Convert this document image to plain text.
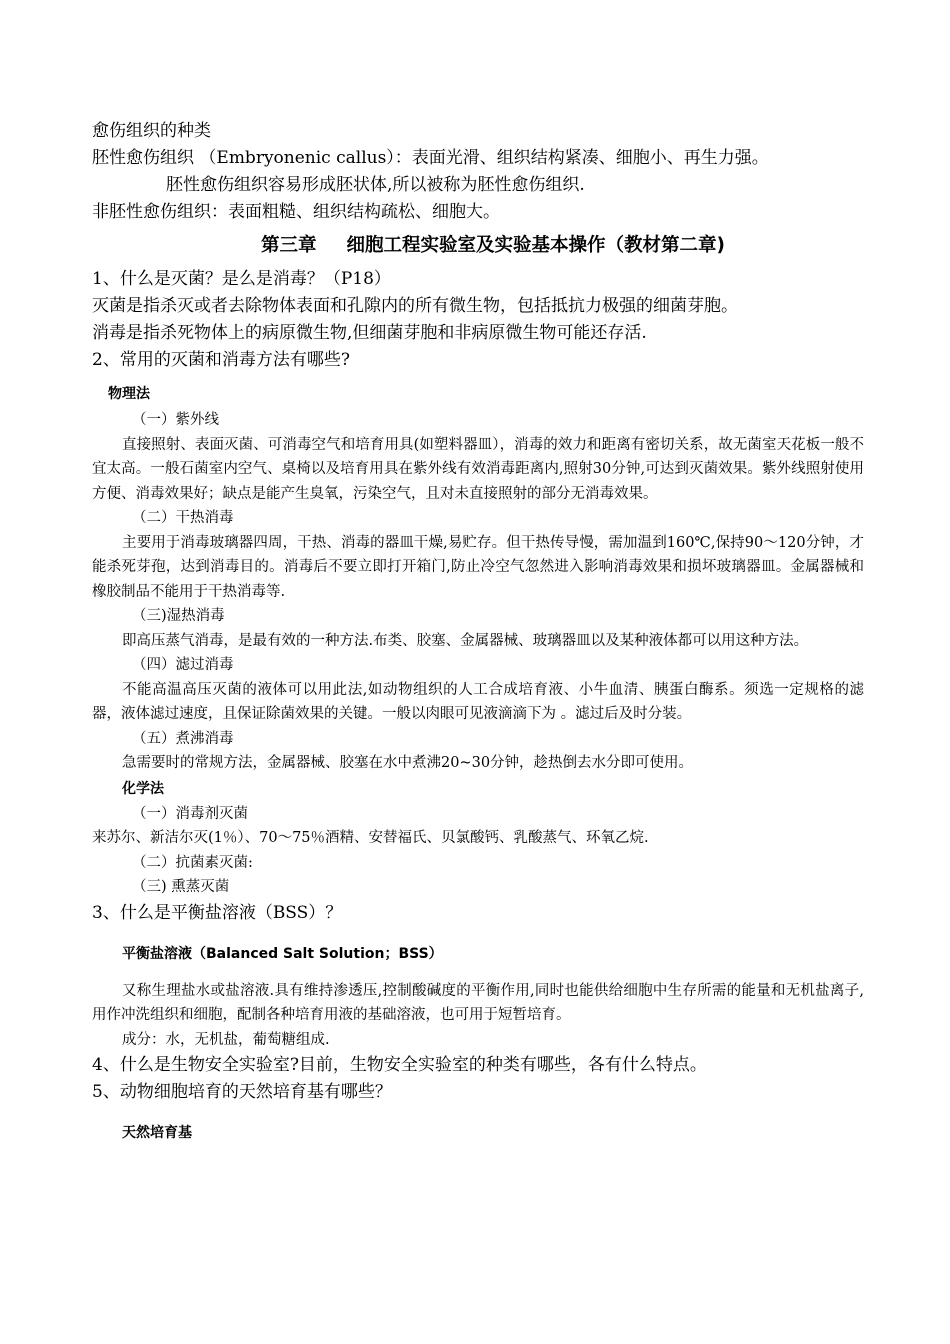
愈伤组织的种类
胚性愈伤组织 （Embryonenic callus）：表面光滑、组织结构紧凑、细胞小、再生力强。
胚性愈伤组织容易形成胚状体,所以被称为胚性愈伤组织.
非胚性愈伤组织：表面粗糙、组织结构疏松、细胞大。
第三章 细胞工程实验室及实验基本操作（教材第二章)
1、什么是灭菌？是么是消毒？（P18）
灭菌是指杀灭或者去除物体表面和孔隙内的所有微生物，包括抵抗力极强的细菌芽胞。
消毒是指杀死物体上的病原微生物,但细菌芽胞和非病原微生物可能还存活.
2、常用的灭菌和消毒方法有哪些?
物理法
（一）紫外线
直接照射、表面灭菌、可消毒空气和培育用具(如塑料器皿），消毒的效力和距离有密切关系，故无菌室天花板一般不宜太高。一般石菌室内空气、桌椅以及培育用具在紫外线有效消毒距离内,照射30分钟,可达到灭菌效果。紫外线照射使用方便、消毒效果好；缺点是能产生臭氧，污染空气，且对未直接照射的部分无消毒效果。
（二）干热消毒
主要用于消毒玻璃器四周，干热、消毒的器皿干燥,易贮存。但干热传导慢，需加温到160℃,保持90～120分钟，才能杀死芽孢，达到消毒目的。消毒后不要立即打开箱门,防止冷空气忽然进入影响消毒效果和损坏玻璃器皿。金属器械和橡胶制品不能用于干热消毒等.
（三)湿热消毒
即高压蒸气消毒，是最有效的一种方法.布类、胶塞、金属器械、玻璃器皿以及某种液体都可以用这种方法。
（四）滤过消毒
不能高温高压灭菌的液体可以用此法,如动物组织的人工合成培育液、小牛血清、胰蛋白酶系。须选一定规格的滤器，液体滤过速度，且保证除菌效果的关键。一般以肉眼可见液滴滴下为 。滤过后及时分装。
（五）煮沸消毒
急需要时的常规方法，金属器械、胶塞在水中煮沸20~30分钟，趁热倒去水分即可使用。
化学法
（一）消毒剂灭菌
来苏尔、新洁尔灭(1％）、70～75％酒精、安替福氏、贝氯酸钙、乳酸蒸气、环氧乙烷.
（二）抗菌素灭菌:
（三) 熏蒸灭菌
3、什么是平衡盐溶液（BSS）？
平衡盐溶液（Balanced Salt Solution；BSS）
又称生理盐水或盐溶液.具有维持渗透压,控制酸碱度的平衡作用,同时也能供给细胞中生存所需的能量和无机盐离子,用作冲洗组织和细胞，配制各种培育用液的基础溶液，也可用于短暂培育。
成分：水，无机盐，葡萄糖组成.
4、什么是生物安全实验室?目前，生物安全实验室的种类有哪些，各有什么特点。
5、动物细胞培育的天然培育基有哪些？
天然培育基
